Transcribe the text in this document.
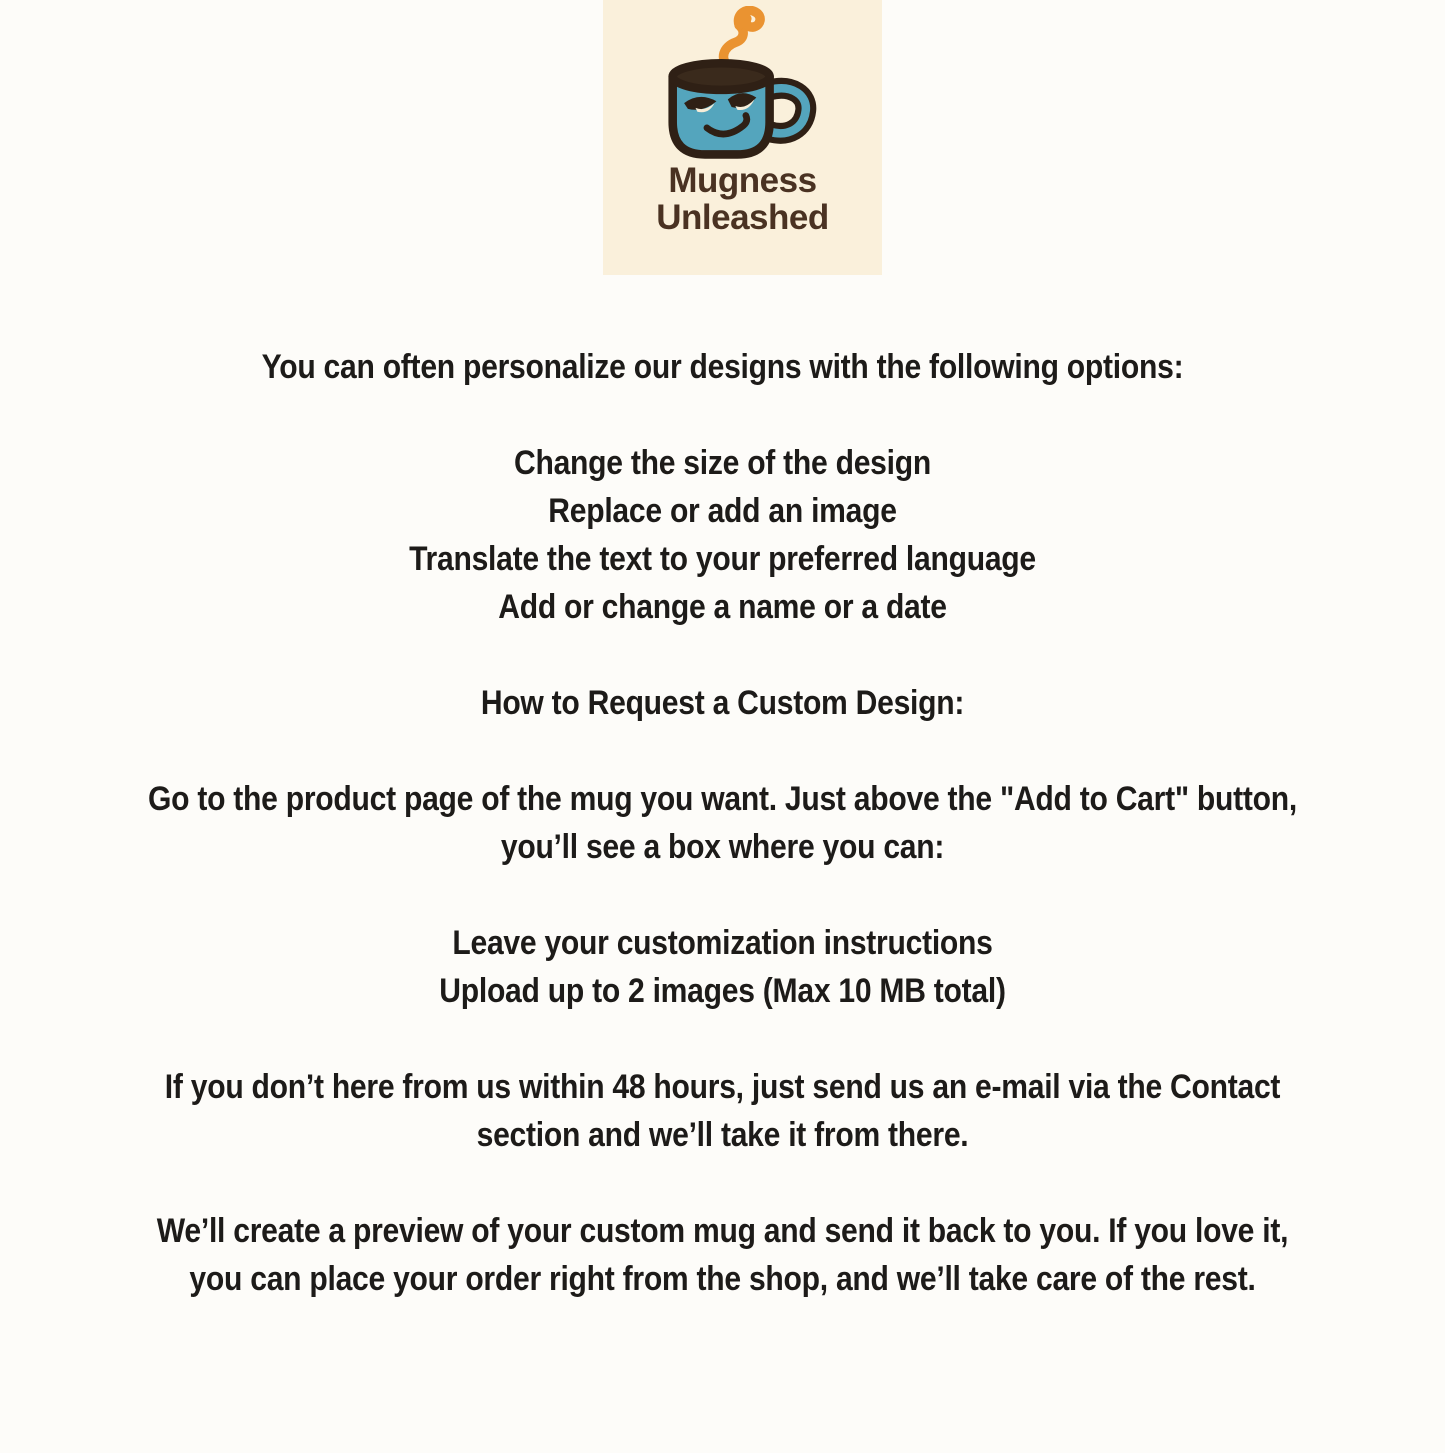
Mugness
Unleashed

You can often personalize our designs with the following options:

Change the size of the design

Replace or add an image

Translate the text to your preferred language

Add or change a name or a date

How to Request a Custom Design:

Go to the product page of the mug you want. Just above the "Add to Cart" button,

you’ll see a box where you can:

Leave your customization instructions

Upload up to 2 images (Max 10 MB total)

If you don’t here from us within 48 hours, just send us an e-mail via the Contact

section and we’ll take it from there.

We’ll create a preview of your custom mug and send it back to you. If you love it,

you can place your order right from the shop, and we’ll take care of the rest.
